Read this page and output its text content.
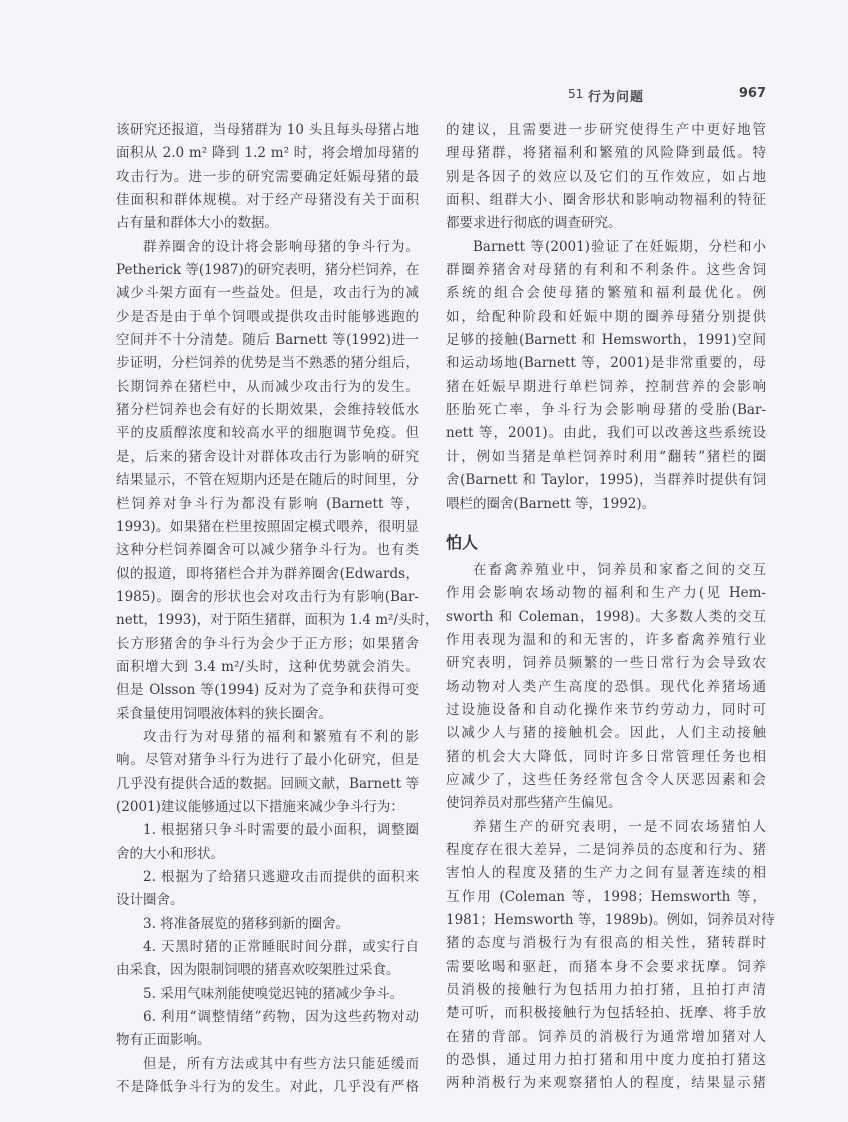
51 行为问题	967
该研究还报道，当母猪群为 10 头且每头母猪占地
面积从 2.0 m² 降到 1.2 m² 时，将会增加母猪的
攻击行为。进一步的研究需要确定妊娠母猪的最
佳面积和群体规模。对于经产母猪没有关于面积
占有量和群体大小的数据。
群养圈舍的设计将会影响母猪的争斗行为。
Petherick 等(1987)的研究表明，猪分栏饲养，在
减少斗架方面有一些益处。但是，攻击行为的减
少是否是由于单个饲喂或提供攻击时能够逃跑的
空间并不十分清楚。随后 Barnett 等(1992)进一
步证明，分栏饲养的优势是当不熟悉的猪分组后，
长期饲养在猪栏中，从而减少攻击行为的发生。
猪分栏饲养也会有好的长期效果，会维持较低水
平的皮质醇浓度和较高水平的细胞调节免疫。但
是，后来的猪舍设计对群体攻击行为影响的研究
结果显示，不管在短期内还是在随后的时间里，分
栏饲养对争斗行为都没有影响 (Barnett 等，
1993)。如果猪在栏里按照固定模式喂养，很明显
这种分栏饲养圈舍可以减少猪争斗行为。也有类
似的报道，即将猪栏合并为群养圈舍(Edwards，
1985)。圈舍的形状也会对攻击行为有影响(Bar-
nett，1993)，对于陌生猪群，面积为 1.4 m²/头时，
长方形猪舍的争斗行为会少于正方形；如果猪舍
面积增大到 3.4 m²/头时，这种优势就会消失。
但是 Olsson 等(1994) 反对为了竞争和获得可变
采食量使用饲喂液体料的狭长圈舍。
攻击行为对母猪的福利和繁殖有不利的影
响。尽管对猪争斗行为进行了最小化研究，但是
几乎没有提供合适的数据。回顾文献，Barnett 等
(2001)建议能够通过以下措施来减少争斗行为：
1. 根据猪只争斗时需要的最小面积，调整圈
舍的大小和形状。
2. 根据为了给猪只逃避攻击而提供的面积来
设计圈舍。
3. 将准备展览的猪移到新的圈舍。
4. 天黑时猪的正常睡眠时间分群，或实行自
由采食，因为限制饲喂的猪喜欢咬架胜过采食。
5. 采用气味剂能使嗅觉迟钝的猪减少争斗。
6. 利用“调整情绪”药物，因为这些药物对动
物有正面影响。
但是，所有方法或其中有些方法只能延缓而
不是降低争斗行为的发生。对此，几乎没有严格
的建议，且需要进一步研究使得生产中更好地管
理母猪群，将猪福利和繁殖的风险降到最低。特
别是各因子的效应以及它们的互作效应，如占地
面积、组群大小、圈舍形状和影响动物福利的特征
都要求进行彻底的调查研究。
Barnett 等(2001)验证了在妊娠期，分栏和小
群圈养猪舍对母猪的有利和不利条件。这些舍饲
系统的组合会使母猪的繁殖和福利最优化。例
如，给配种阶段和妊娠中期的圈养母猪分别提供
足够的接触(Barnett 和 Hemsworth，1991)空间
和运动场地(Barnett 等，2001)是非常重要的，母
猪在妊娠早期进行单栏饲养，控制营养的会影响
胚胎死亡率，争斗行为会影响母猪的受胎(Bar-
nett 等，2001)。由此，我们可以改善这些系统设
计，例如当猪是单栏饲养时利用“翻转”猪栏的圈
舍(Barnett 和 Taylor，1995)，当群养时提供有饲
喂栏的圈舍(Barnett 等，1992)。
怕人
在畜禽养殖业中，饲养员和家畜之间的交互
作用会影响农场动物的福利和生产力(见 Hem-
sworth 和 Coleman，1998)。大多数人类的交互
作用表现为温和的和无害的，许多畜禽养殖行业
研究表明，饲养员频繁的一些日常行为会导致农
场动物对人类产生高度的恐惧。现代化养猪场通
过设施设备和自动化操作来节约劳动力，同时可
以减少人与猪的接触机会。因此，人们主动接触
猪的机会大大降低，同时许多日常管理任务也相
应减少了，这些任务经常包含令人厌恶因素和会
使饲养员对那些猪产生偏见。
养猪生产的研究表明，一是不同农场猪怕人
程度存在很大差异，二是饲养员的态度和行为、猪
害怕人的程度及猪的生产力之间有显著连续的相
互作用 (Coleman 等，1998；Hemsworth 等，
1981；Hemsworth 等，1989b)。例如，饲养员对待
猪的态度与消极行为有很高的相关性，猪转群时
需要吆喝和驱赶，而猪本身不会要求抚摩。饲养
员消极的接触行为包括用力拍打猪，且拍打声清
楚可听，而积极接触行为包括轻拍、抚摩、将手放
在猪的背部。饲养员的消极行为通常增加猪对人
的恐惧，通过用力拍打猪和用中度力度拍打猪这
两种消极行为来观察猪怕人的程度，结果显示猪
